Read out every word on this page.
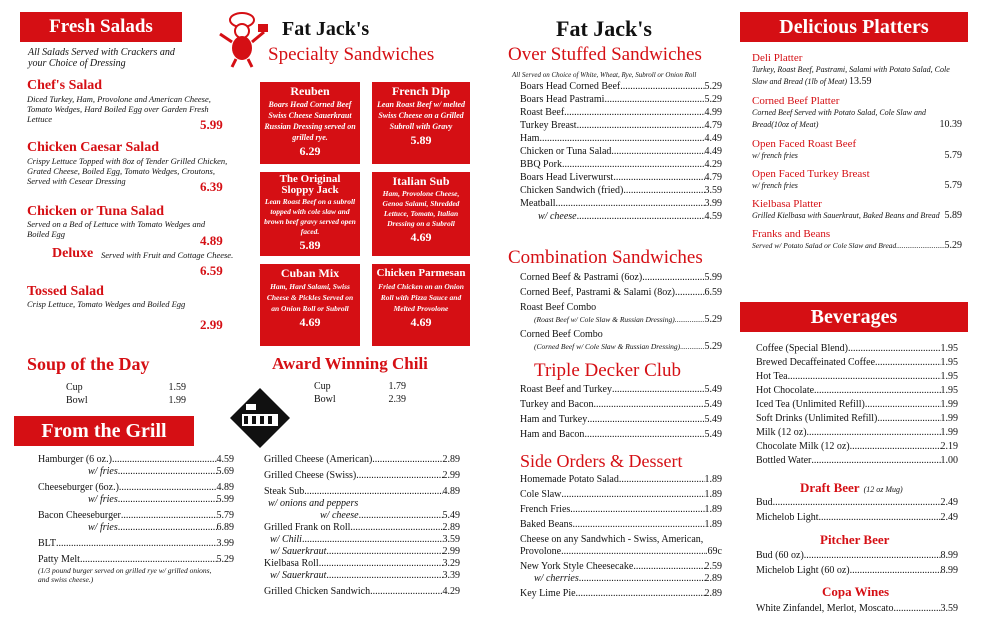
Fresh Salads
All Salads Served with Crackers and your Choice of Dressing
Chef's Salad
Diced Turkey, Ham, Provolone and American Cheese, Tomato Wedges, Hard Boiled Egg over Garden Fresh Lettuce	5.99
Chicken Caesar Salad
Crispy Lettuce Topped with 8oz of Tender Grilled Chicken, Grated Cheese, Boiled Egg, Tomato Wedges, Croutons, Served with Cesear Dressing	6.39
Chicken or Tuna Salad
Served on a Bed of Lettuce with Tomato Wedges and Boiled Egg	4.89
Deluxe Served with Fruit and Cottage Cheese.
6.59
Tossed Salad
Crisp Lettuce, Tomato Wedges and Boiled Egg
2.99
Soup of the Day
Cup	1.59
Bowl	1.99
From the Grill
Hamburger (6 oz.) .....	4.59
w/ fries .....	5.69
Cheeseburger (6oz.) .....	4.89
w/ fries .....	5.99
Bacon Cheeseburger .....	5.79
w/ fries .....	6.89
BLT .....	3.99
Patty Melt .....	5.29
(1/3 pound burger served on grilled rye w/ grilled onions, and swiss cheese.)
Fat Jack's
Specialty Sandwiches
Reuben
Boars Head Corned Beef Swiss Cheese Sauerkraut Russian Dressing served on grilled rye.
6.29
French Dip
Lean Roast Beef w/ melted Swiss Cheese on a Grilled Subroll with Gravy
5.89
The Original Sloppy Jack
Lean Roast Beef on a subroll topped with cole slaw and brown beef gravy served open faced.
5.89
Italian Sub
Ham, Provolone Cheese, Genoa Salami, Shredded Lettuce, Tomato, Italian Dressing on a Subroll
4.69
Cuban Mix
Ham, Hard Salami, Swiss Cheese & Pickles Served on an Onion Roll or Subroll
4.69
Chicken Parmesan
Fried Chicken on an Onion Roll with Pizza Sauce and Melted Provolone
4.69
Award Winning Chili
Cup	1.79
Bowl	2.39
Grilled Cheese (American) .....	2.89
Grilled Cheese (Swiss) .....	2.99
Steak Sub .....	4.89
w/ onions and peppers
w/ cheese .....	5.49
Grilled Frank on Roll .....	2.89
w/ Chili .....	3.59
w/ Sauerkraut .....	2.99
Kielbasa Roll .....	3.29
w/ Sauerkraut .....	3.39
Grilled Chicken Sandwich .....	4.29
Fat Jack's
Over Stuffed Sandwiches
All Served on Choice of White, Wheat, Rye, Subroll or Onion Roll
Boars Head Corned Beef .....	5.29
Boars Head Pastrami .....	5.29
Roast Beef .....	4.99
Turkey Breast .....	4.79
Ham .....	4.49
Chicken or Tuna Salad .....	4.49
BBQ Pork .....	4.29
Boars Head Liverwurst .....	4.79
Chicken Sandwich (fried) .....	3.59
Meatball .....	3.99
w/ cheese .....	4.59
Combination Sandwiches
Corned Beef & Pastrami (6oz) .....	5.99
Corned Beef, Pastrami & Salami (8oz) .....	6.59
Roast Beef Combo
(Roast Beef w/ Cole Slaw & Russian Dressing) .....	5.29
Corned Beef Combo
(Corned Beef w/ Cole Slaw & Russian Dressing) ..... 5.29
Triple Decker Club
Roast Beef and Turkey .....	5.49
Turkey and Bacon .....	5.49
Ham and Turkey .....	5.49
Ham and Bacon .....	5.49
Side Orders & Dessert
Homemade Potato Salad .....	1.89
Cole Slaw .....	1.89
French Fries .....	1.89
Baked Beans .....	1.89
Cheese on any Sandwhich - Swiss, American,
Provolone .....	.69c
New York Style Cheesecake .....	2.59
w/ cherries .....	2.89
Key Lime Pie .....	2.89
Delicious Platters
Deli Platter
Turkey, Roast Beef, Pastrami, Salami with Potato Salad, Cole Slaw and Bread (1lb of Meat) 13.59
Corned Beef Platter
Corned Beef Served with Potato Salad, Cole Slaw and Bread(10oz of Meat)	10.39
Open Faced Roast Beef
w/ french fries	5.79
Open Faced Turkey Breast
w/ french fries	5.79
Kielbasa Platter
Grilled Kielbasa with Sauerkraut, Baked Beans and Bread 5.89
Franks and Beans
Served w/ Potato Salad or Cole Slaw and Bread .....	5.29
Beverages
Coffee (Special Blend) .....	1.95
Brewed Decaffeinated Coffee .....	1.95
Hot Tea .....	1.95
Hot Chocolate .....	1.95
Iced Tea (Unlimited Refill) .....	1.99
Soft Drinks (Unlimited Refill) .....	1.99
Milk (12 oz) .....	1.99
Chocolate Milk (12 oz) .....	2.19
Bottled Water .....	1.00
Draft Beer (12 oz Mug)
Bud .....	2.49
Michelob Light .....	2.49
Pitcher Beer
Bud (60 oz) .....	8.99
Michelob Light (60 oz) .....	8.99
Copa Wines
White Zinfandel, Merlot, Moscato .....	3.59
